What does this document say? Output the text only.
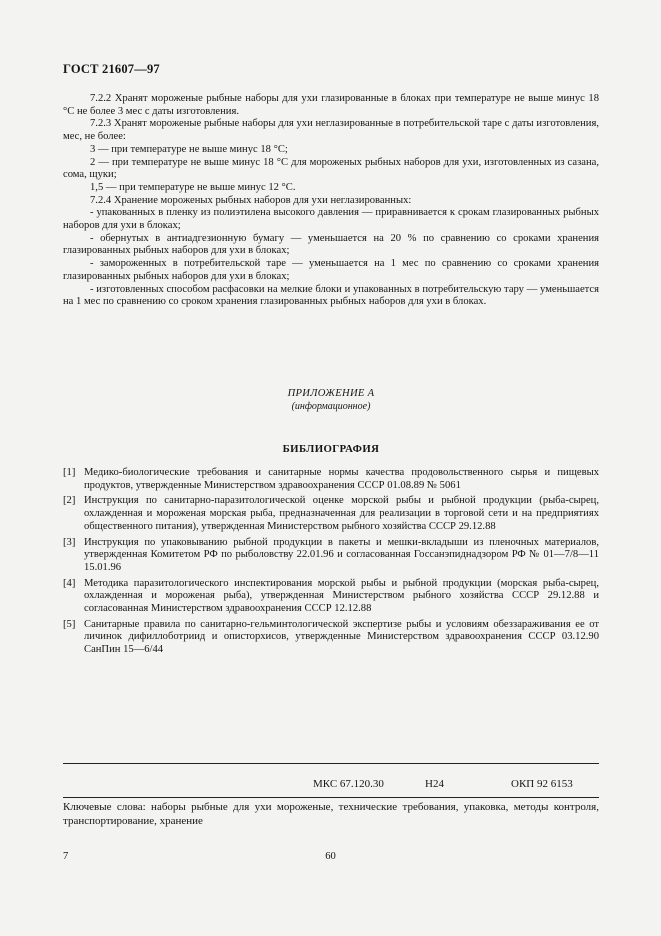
ГОСТ 21607—97

7.2.2 Хранят мороженые рыбные наборы для ухи глазированные в блоках при температуре не выше минус 18 °С не более 3 мес с даты изготовления.

7.2.3 Хранят мороженые рыбные наборы для ухи неглазированные в потребительской таре с даты изготовления, мес, не более:

3 — при температуре не выше минус 18 °С;

2 — при температуре не выше минус 18 °С для мороженых рыбных наборов для ухи, изготовленных из сазана, сома, щуки;

1,5 — при температуре не выше минус 12 °С.

7.2.4 Хранение мороженых рыбных наборов для ухи неглазированных:

- упакованных в пленку из полиэтилена высокого давления — приравнивается к срокам глазированных рыбных наборов для ухи в блоках;

- обернутых в антиадгезионную бумагу — уменьшается на 20 % по сравнению со сроками хранения глазированных рыбных наборов для ухи в блоках;

- замороженных в потребительской таре — уменьшается на 1 мес по сравнению со сроками хранения глазированных рыбных наборов для ухи в блоках;

- изготовленных способом расфасовки на мелкие блоки и упакованных в потребительскую тару — уменьшается на 1 мес по сравнению со сроком хранения глазированных рыбных наборов для ухи в блоках.

ПРИЛОЖЕНИЕ А
(информационное)
БИБЛИОГРАФИЯ
[1] Медико-биологические требования и санитарные нормы качества продовольственного сырья и пищевых продуктов, утвержденные Министерством здравоохранения СССР 01.08.89 № 5061
[2] Инструкция по санитарно-паразитологической оценке морской рыбы и рыбной продукции (рыба-сырец, охлажденная и мороженая морская рыба, предназначенная для реализации в торговой сети и на предприятиях общественного питания), утвержденная Министерством рыбного хозяйства СССР 29.12.88
[3] Инструкция по упаковыванию рыбной продукции в пакеты и мешки-вкладыши из пленочных материалов, утвержденная Комитетом РФ по рыболовству 22.01.96 и согласованная Госсанэпиднадзором РФ № 01—7/8—11 15.01.96
[4] Методика паразитологического инспектирования морской рыбы и рыбной продукции (морская рыба-сырец, охлажденная и мороженая рыба), утвержденная Министерством рыбного хозяйства СССР 29.12.88 и согласованная Министерством здравоохранения СССР 12.12.88
[5] Санитарные правила по санитарно-гельминтологической экспертизе рыбы и условиям обеззараживания ее от личинок дифиллоботриид и описторхисов, утвержденные Министерством здравоохранения СССР 03.12.90 СанПин 15—6/44
МКС 67.120.30	Н24	ОКП 92 6153
Ключевые слова: наборы рыбные для ухи мороженые, технические требования, упаковка, методы контроля, транспортирование, хранение
7	60
